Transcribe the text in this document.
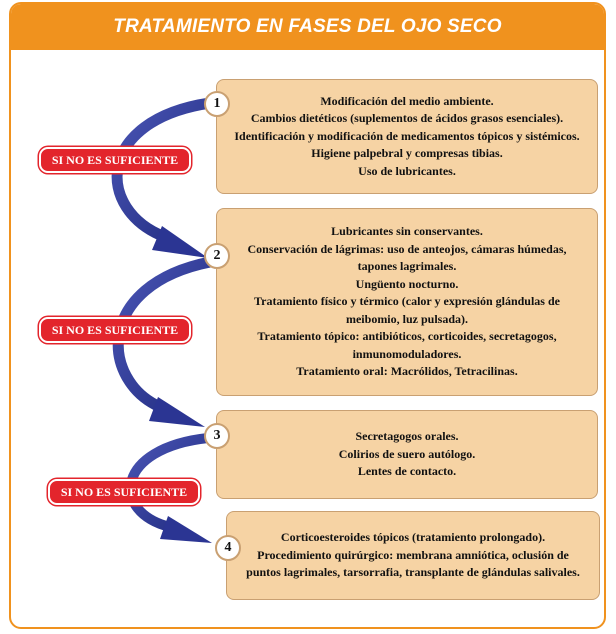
TRATAMIENTO EN FASES DEL OJO SECO
Modificación del medio ambiente.
Cambios dietéticos (suplementos de ácidos grasos esenciales).
Identificación y modificación de medicamentos tópicos y sistémicos.
Higiene palpebral y compresas tibias.
Uso de lubricantes.
Lubricantes sin conservantes.
Conservación de lágrimas: uso de anteojos, cámaras húmedas,
tapones lagrimales.
Ungüento nocturno.
Tratamiento físico y térmico (calor y expresión glándulas de
meibomio, luz pulsada).
Tratamiento tópico: antibióticos, corticoides, secretagogos,
inmunomoduladores.
Tratamiento oral: Macrólidos, Tetracilinas.
Secretagogos orales.
Colirios de suero autólogo.
Lentes de contacto.
Corticoesteroides tópicos (tratamiento prolongado).
Procedimiento quirúrgico: membrana amniótica, oclusión de
puntos lagrimales, tarsorrafia, transplante de glándulas salivales.
1
2
3
4
SI NO ES SUFICIENTE
SI NO ES SUFICIENTE
SI NO ES SUFICIENTE
